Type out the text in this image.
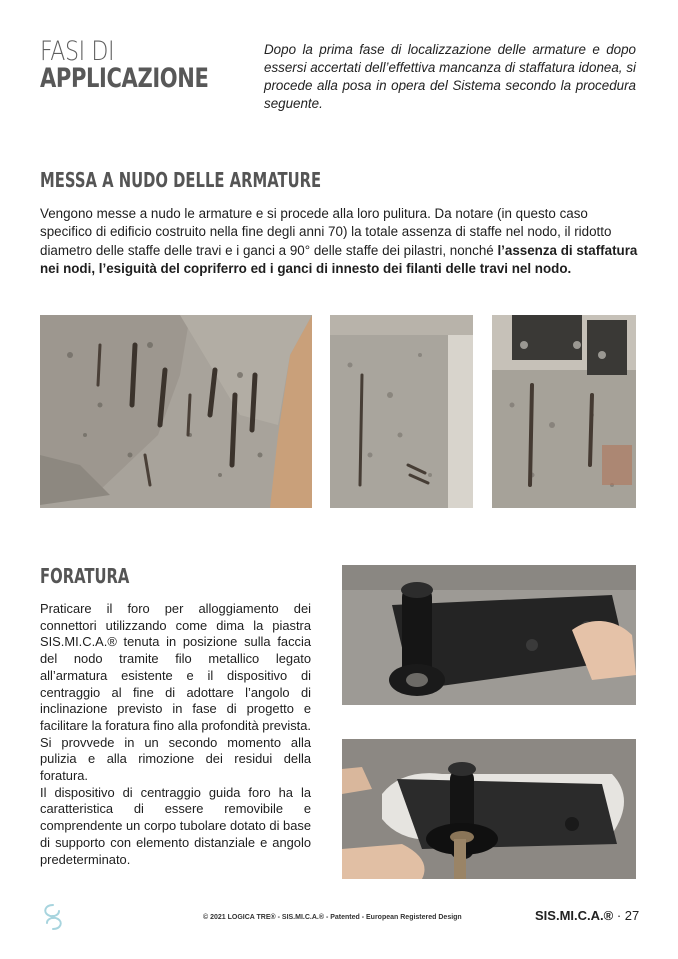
FASI DI
APPLICAZIONE
Dopo la prima fase di localizzazione delle armature e dopo essersi accertati dell’effettiva mancanza di staffatura idonea, si procede alla posa in opera del Sistema secondo la procedura seguente.
MESSA A NUDO DELLE ARMATURE
Vengono messe a nudo le armature e si procede alla loro pulitura. Da notare (in questo caso specifico di edificio costruito nella fine degli anni 70) la totale assenza di staffe nel nodo, il ridotto diametro delle staffe delle travi e i ganci a 90° delle staffe dei pilastri, nonché l’assenza di staffatura nei nodi, l’esiguità del copriferro ed i ganci di innesto dei filanti delle travi nel nodo.
FORATURA

Praticare il foro per alloggiamento dei connettori utilizzando come dima la piastra SIS.MI.C.A.® tenuta in posizione sulla faccia del nodo tramite filo metallico legato all’armatura esistente e il dispositivo di centraggio al fine di adottare l’angolo di inclinazione previsto in fase di progetto e facilitare la foratura fino alla profondità prevista. Si provvede in un secondo momento alla pulizia e alla rimozione dei residui della foratura.

Il dispositivo di centraggio guida foro ha la caratteristica di essere removibile e comprendente un corpo tubolare dotato di base di supporto con elemento distanziale e angolo predeterminato.

© 2021 LOGICA TRE® - SIS.MI.C.A.® - Patented - European Registered Design	SIS.MI.C.A.® · 27
